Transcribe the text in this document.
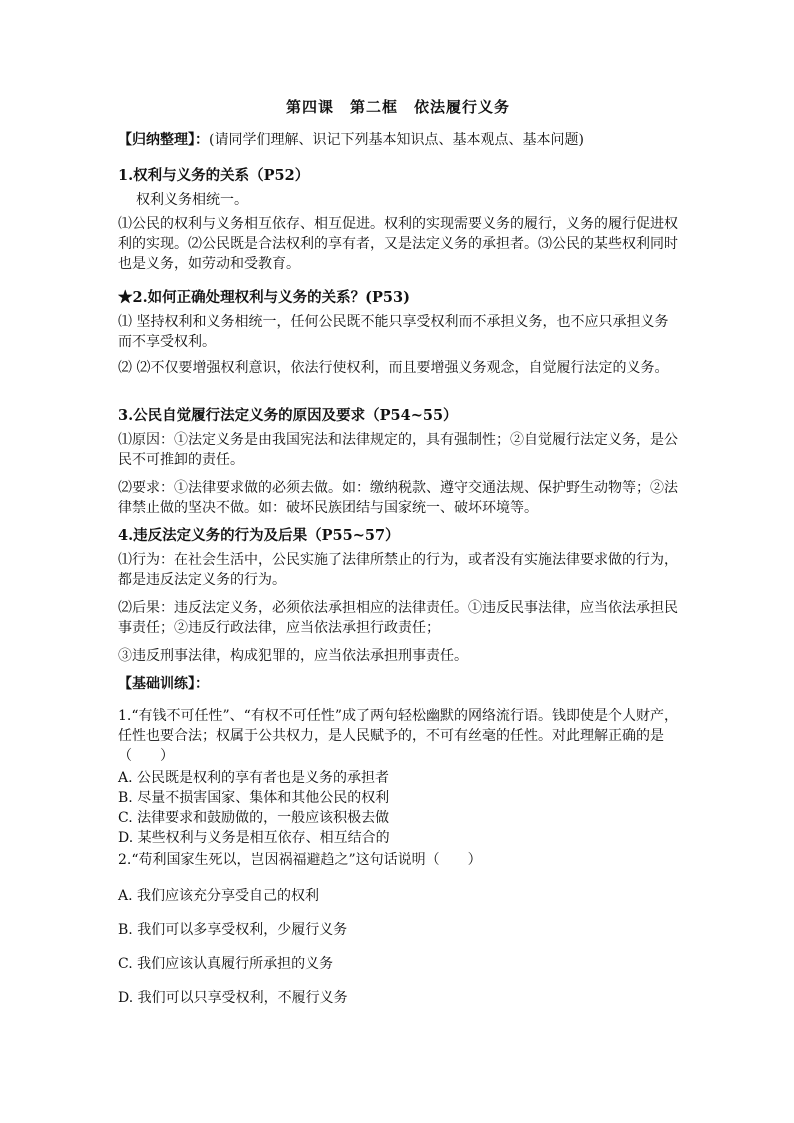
第四课　第二框　依法履行义务
【归纳整理】：(请同学们理解、识记下列基本知识点、基本观点、基本问题)
1.权利与义务的关系（P52）
权利义务相统一。
⑴公民的权利与义务相互依存、相互促进。权利的实现需要义务的履行，义务的履行促进权利的实现。⑵公民既是合法权利的享有者，又是法定义务的承担者。⑶公民的某些权利同时也是义务，如劳动和受教育。
★2.如何正确处理权利与义务的关系？(P53)
⑴ 坚持权利和义务相统一，任何公民既不能只享受权利而不承担义务，也不应只承担义务而不享受权利。
⑵ ⑵不仅要增强权利意识，依法行使权利，而且要增强义务观念，自觉履行法定的义务。
3.公民自觉履行法定义务的原因及要求（P54~55）
⑴原因：①法定义务是由我国宪法和法律规定的，具有强制性；②自觉履行法定义务，是公民不可推卸的责任。
⑵要求：①法律要求做的必须去做。如：缴纳税款、遵守交通法规、保护野生动物等；②法律禁止做的坚决不做。如：破坏民族团结与国家统一、破坏环境等。
4.违反法定义务的行为及后果（P55~57）
⑴行为：在社会生活中，公民实施了法律所禁止的行为，或者没有实施法律要求做的行为，都是违反法定义务的行为。
⑵后果：违反法定义务，必须依法承担相应的法律责任。①违反民事法律，应当依法承担民事责任；②违反行政法律，应当依法承担行政责任；
③违反刑事法律，构成犯罪的，应当依法承担刑事责任。
【基础训练】：
1.“有钱不可任性”、“有权不可任性”成了两句轻松幽默的网络流行语。钱即使是个人财产，任性也要合法；权属于公共权力，是人民赋予的，不可有丝毫的任性。对此理解正确的是（　　）
A. 公民既是权利的享有者也是义务的承担者
B. 尽量不损害国家、集体和其他公民的权利
C. 法律要求和鼓励做的，一般应该积极去做
D. 某些权利与义务是相互依存、相互结合的
2.“苟利国家生死以，岂因祸福避趋之”这句话说明（　　）
A. 我们应该充分享受自己的权利
B. 我们可以多享受权利，少履行义务
C. 我们应该认真履行所承担的义务
D. 我们可以只享受权利，不履行义务
